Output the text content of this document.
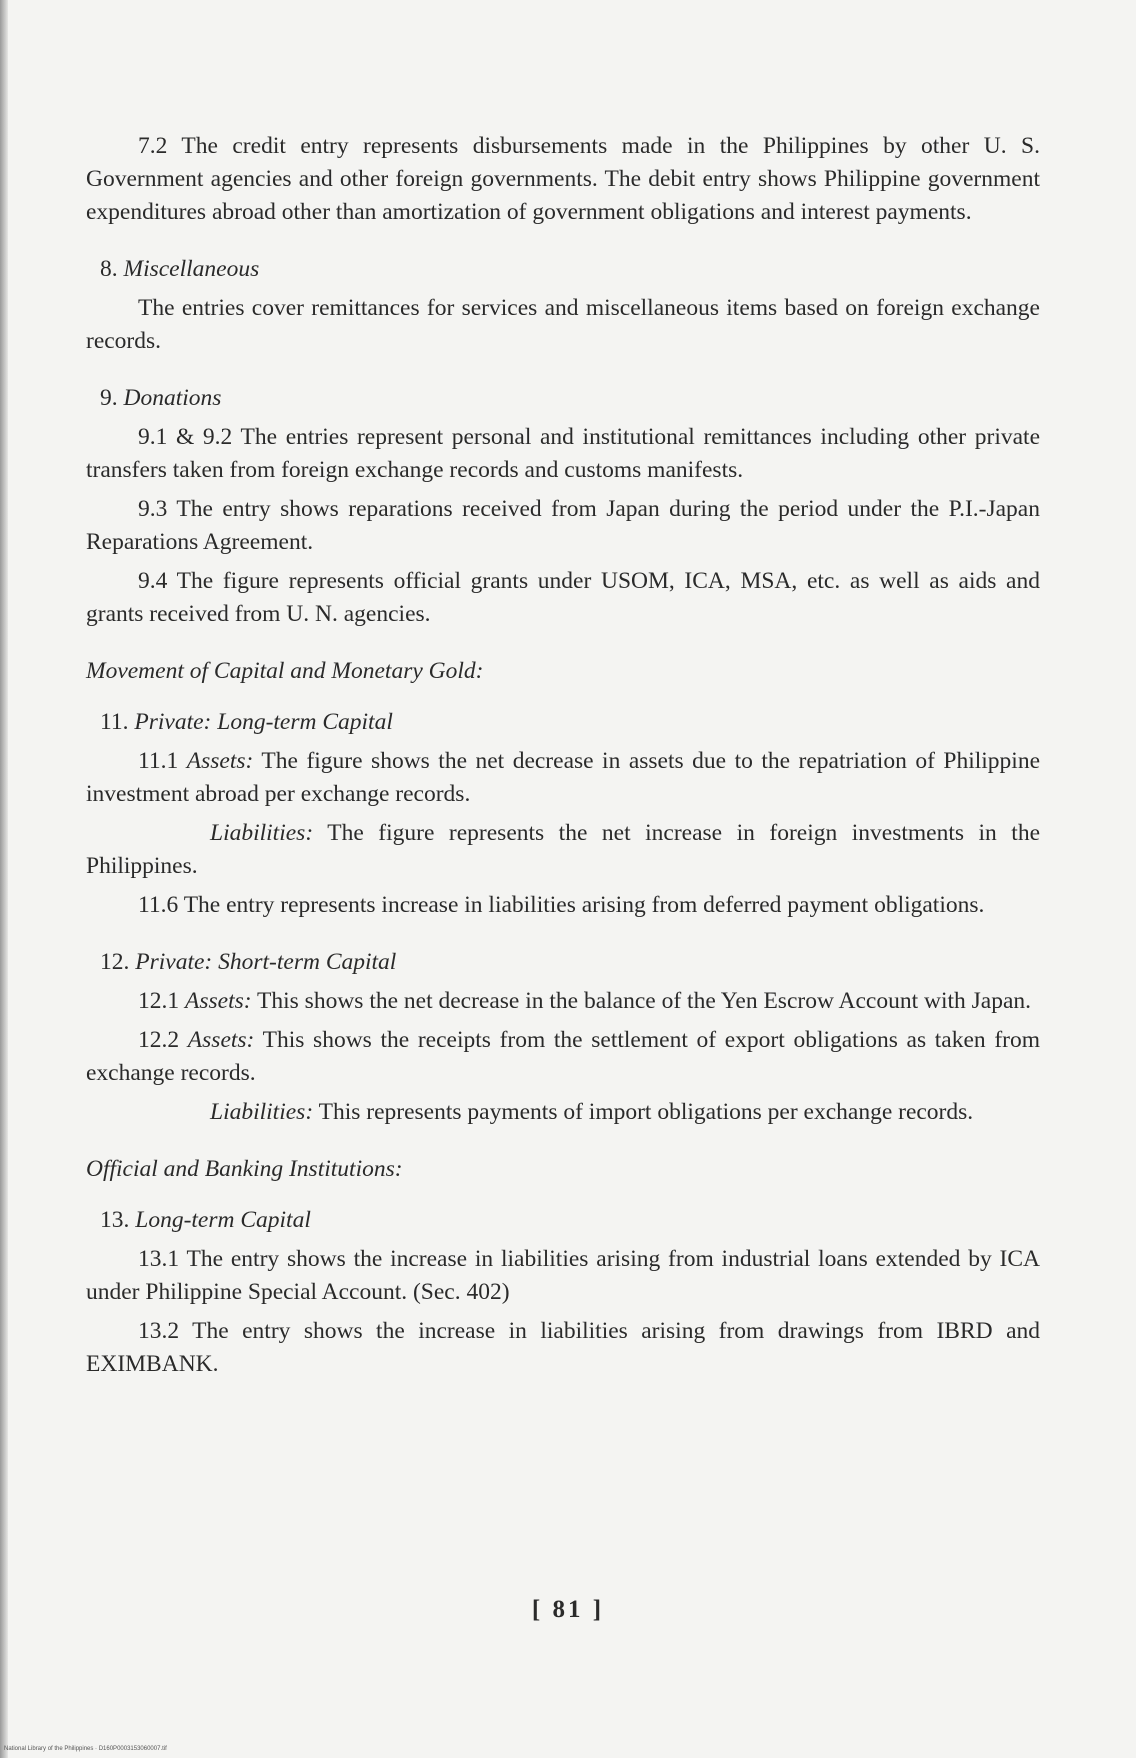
7.2 The credit entry represents disbursements made in the Philippines by other U. S. Government agencies and other foreign governments. The debit entry shows Philippine government expenditures abroad other than amortization of government obligations and interest payments.

8. Miscellaneous

The entries cover remittances for services and miscellaneous items based on foreign exchange records.

9. Donations

9.1 & 9.2 The entries represent personal and institutional remittances including other private transfers taken from foreign exchange records and customs manifests.

9.3 The entry shows reparations received from Japan during the period under the P.I.-Japan Reparations Agreement.

9.4 The figure represents official grants under USOM, ICA, MSA, etc. as well as aids and grants received from U. N. agencies.

Movement of Capital and Monetary Gold:
11. Private: Long-term Capital

11.1 Assets: The figure shows the net decrease in assets due to the repatriation of Philippine investment abroad per exchange records.

Liabilities: The figure represents the net increase in foreign investments in the Philippines.

11.6 The entry represents increase in liabilities arising from deferred payment obligations.

12. Private: Short-term Capital

12.1 Assets: This shows the net decrease in the balance of the Yen Escrow Account with Japan.

12.2 Assets: This shows the receipts from the settlement of export obligations as taken from exchange records.

Liabilities: This represents payments of import obligations per exchange records.

Official and Banking Institutions:
13. Long-term Capital

13.1 The entry shows the increase in liabilities arising from industrial loans extended by ICA under Philippine Special Account. (Sec. 402)

13.2 The entry shows the increase in liabilities arising from drawings from IBRD and EXIMBANK.

[ 81 ]
National Library of the Philippines · D160P0003153060007.tif
